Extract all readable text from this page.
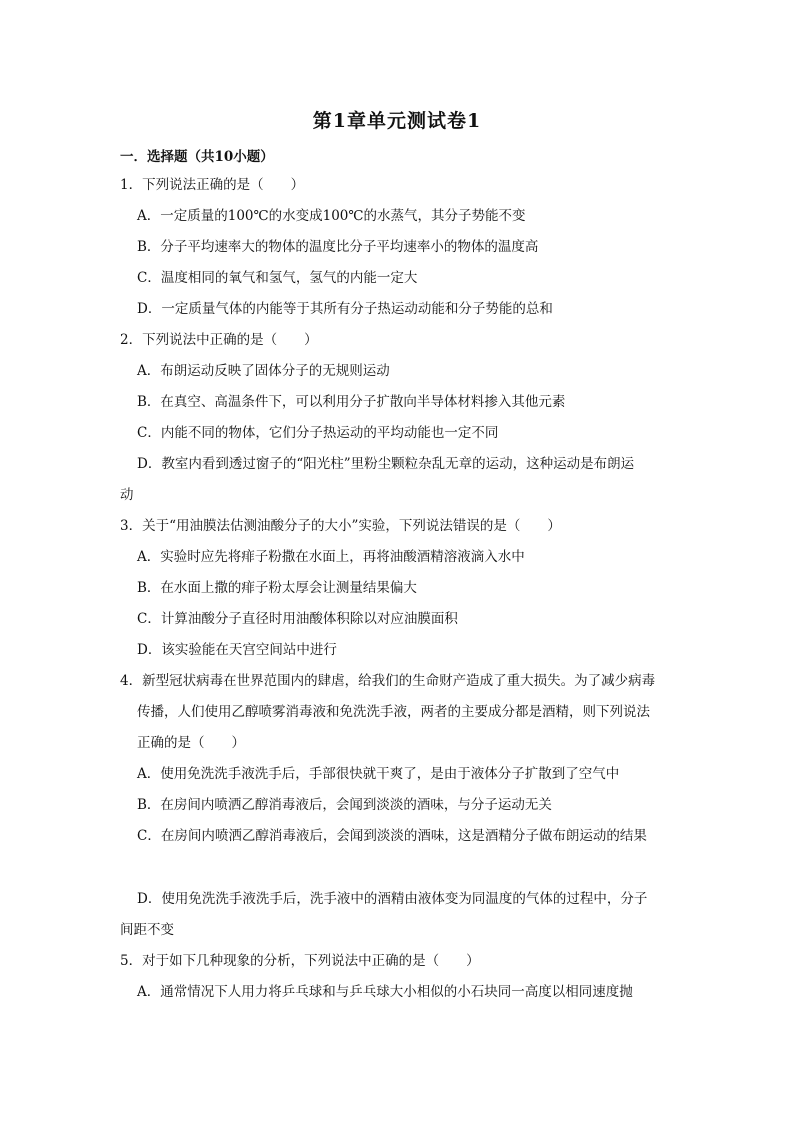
第1章单元测试卷1
一．选择题（共10小题）
1．下列说法正确的是（　　）
A．一定质量的100℃的水变成100℃的水蒸气，其分子势能不变
B．分子平均速率大的物体的温度比分子平均速率小的物体的温度高
C．温度相同的氧气和氢气，氢气的内能一定大
D．一定质量气体的内能等于其所有分子热运动动能和分子势能的总和
2．下列说法中正确的是（　　）
A．布朗运动反映了固体分子的无规则运动
B．在真空、高温条件下，可以利用分子扩散向半导体材料掺入其他元素
C．内能不同的物体，它们分子热运动的平均动能也一定不同
D．教室内看到透过窗子的“阳光柱”里粉尘颗粒杂乱无章的运动，这种运动是布朗运
动
3．关于“用油膜法估测油酸分子的大小”实验，下列说法错误的是（　　）
A．实验时应先将痱子粉撒在水面上，再将油酸酒精溶液滴入水中
B．在水面上撒的痱子粉太厚会让测量结果偏大
C．计算油酸分子直径时用油酸体积除以对应油膜面积
D．该实验能在天宫空间站中进行
4．新型冠状病毒在世界范围内的肆虐，给我们的生命财产造成了重大损失。为了减少病毒
传播，人们使用乙醇喷雾消毒液和免洗洗手液，两者的主要成分都是酒精，则下列说法
正确的是（　　）
A．使用免洗洗手液洗手后，手部很快就干爽了，是由于液体分子扩散到了空气中
B．在房间内喷洒乙醇消毒液后，会闻到淡淡的酒味，与分子运动无关
C．在房间内喷洒乙醇消毒液后，会闻到淡淡的酒味，这是酒精分子做布朗运动的结果
D．使用免洗洗手液洗手后，洗手液中的酒精由液体变为同温度的气体的过程中，分子
间距不变
5．对于如下几种现象的分析，下列说法中正确的是（　　）
A．通常情况下人用力将乒乓球和与乒乓球大小相似的小石块同一高度以相同速度抛
